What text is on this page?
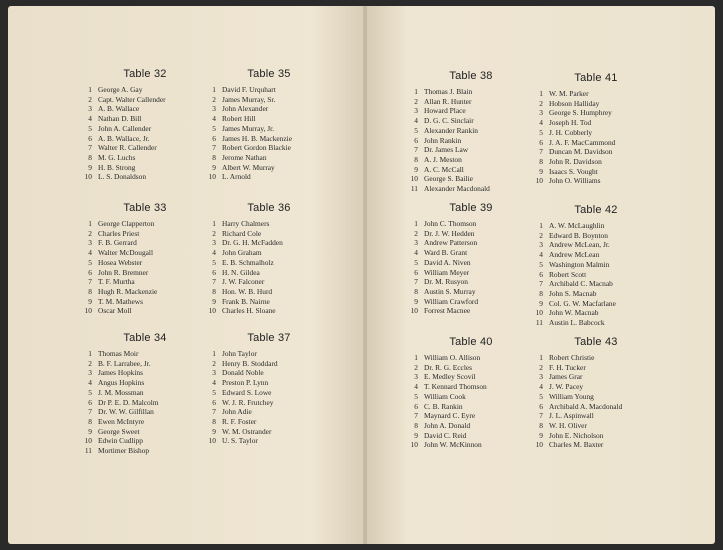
Table 32
1 George A. Gay
2 Capt. Walter Callender
3 A. B. Wallace
4 Nathan D. Bill
5 John A. Callender
6 A. B. Wallace, Jr.
7 Walter R. Callender
8 M. G. Luchs
9 H. B. Strong
10 L. S. Donaldson
Table 35
1 David F. Urquhart
2 James Murray, Sr.
3 John Alexander
4 Robert Hill
5 James Murray, Jr.
6 James H. B. Mackenzie
7 Robert Gordon Blackie
8 Jerome Nathan
9 Albert W. Murray
10 L. Arnold
Table 33
1 George Clapperton
2 Charles Priest
3 F. B. Gerrard
4 Walter McDougall
5 Hosea Webster
6 John R. Bremner
7 T. F. Murtha
8 Hugh R. Mackenzie
9 T. M. Mathews
10 Oscar Moll
Table 36
1 Harry Chalmers
2 Richard Cole
3 Dr. G. H. McFadden
4 John Graham
5 E. B. Schmalholz
6 H. N. Gildea
7 J. W. Falconer
8 Hon. W. B. Hurd
9 Frank B. Nairne
10 Charles H. Sloane
Table 34
1 Thomas Moir
2 B. F. Larrabee, Jr.
3 James Hopkins
4 Angus Hopkins
5 J. M. Mossman
6 Dr P. E. D. Malcolm
7 Dr. W. W. Gilfillan
8 Ewen McIntyre
9 George Sweet
10 Edwin Cudlipp
11 Mortimer Bishop
Table 37
1 John Taylor
2 Henry B. Stoddard
3 Donald Noble
4 Preston P. Lynn
5 Edward S. Lowe
6 W. J. R. Frutchey
7 John Adie
8 R. F. Foster
9 W. M. Ostrander
10 U. S. Taylor
Table 38
1 Thomas J. Blain
2 Allan R. Hunter
3 Howard Place
4 D. G. C. Sinclair
5 Alexander Rankin
6 John Rankin
7 Dr. James Law
8 A. J. Meston
9 A. C. McCall
10 George S. Bailie
11 Alexander Macdonald
Table 41
1 W. M. Parker
2 Hobson Halliday
3 George S. Humphrey
4 Joseph H. Tod
5 J. H. Cobberly
6 J. A. F. MacCammond
7 Duncan M. Davidson
8 John R. Davidson
9 Isaacs S. Vought
10 John O. Williams
Table 39
1 John C. Thomson
2 Dr. J. W. Hedden
3 Andrew Patterson
4 Ward B. Grant
5 David A. Niven
6 William Meyer
7 Dr. M. Rusyon
8 Austin S. Murray
9 William Crawford
10 Forrest Macnee
Table 42
1 A. W. McLaughlin
2 Edward B. Boynton
3 Andrew McLean, Jr.
4 Andrew McLean
5 Washington Malmin
6 Robert Scott
7 Archibald C. Macnab
8 John S. Macnab
9 Col. G. W. Macfarlane
10 John W. Macnab
11 Austin L. Babcock
Table 40
1 William O. Allison
2 Dr. R. G. Eccles
3 E. Medley Scovil
4 T. Kennard Thomson
5 William Cook
6 C. B. Rankin
7 Maynard C. Eyre
8 John A. Donald
9 David C. Reid
10 John W. McKinnon
Table 43
1 Robert Christie
2 F. H. Tucker
3 James Grar
4 J. W. Pacey
5 William Young
6 Archibald A. Macdonald
7 J. L. Aspinwall
8 W. H. Oliver
9 John E. Nicholson
10 Charles M. Baxter
